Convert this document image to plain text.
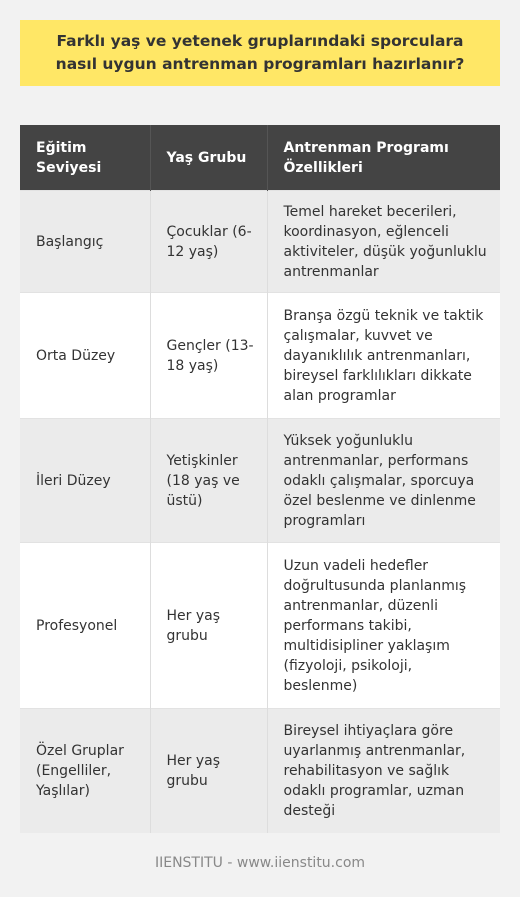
Farklı yaş ve yetenek gruplarındaki sporculara nasıl uygun antrenman programları hazırlanır?
Eğitim Seviyesi	Yaş Grubu	Antrenman Programı Özellikleri
Başlangıç	Çocuklar (6-12 yaş)	Temel hareket becerileri, koordinasyon, eğlenceli aktiviteler, düşük yoğunluklu antrenmanlar
Orta Düzey	Gençler (13-18 yaş)	Branşa özgü teknik ve taktik çalışmalar, kuvvet ve dayanıklılık antrenmanları, bireysel farklılıkları dikkate alan programlar
İleri Düzey	Yetişkinler (18 yaş ve üstü)	Yüksek yoğunluklu antrenmanlar, performans odaklı çalışmalar, sporcuya özel beslenme ve dinlenme programları
Profesyonel	Her yaş grubu	Uzun vadeli hedefler doğrultusunda planlanmış antrenmanlar, düzenli performans takibi, multidisipliner yaklaşım (fizyoloji, psikoloji, beslenme)
Özel Gruplar (Engelliler, Yaşlılar)	Her yaş grubu	Bireysel ihtiyaçlara göre uyarlanmış antrenmanlar, rehabilitasyon ve sağlık odaklı programlar, uzman desteği
IIENSTITU - www.iienstitu.com
